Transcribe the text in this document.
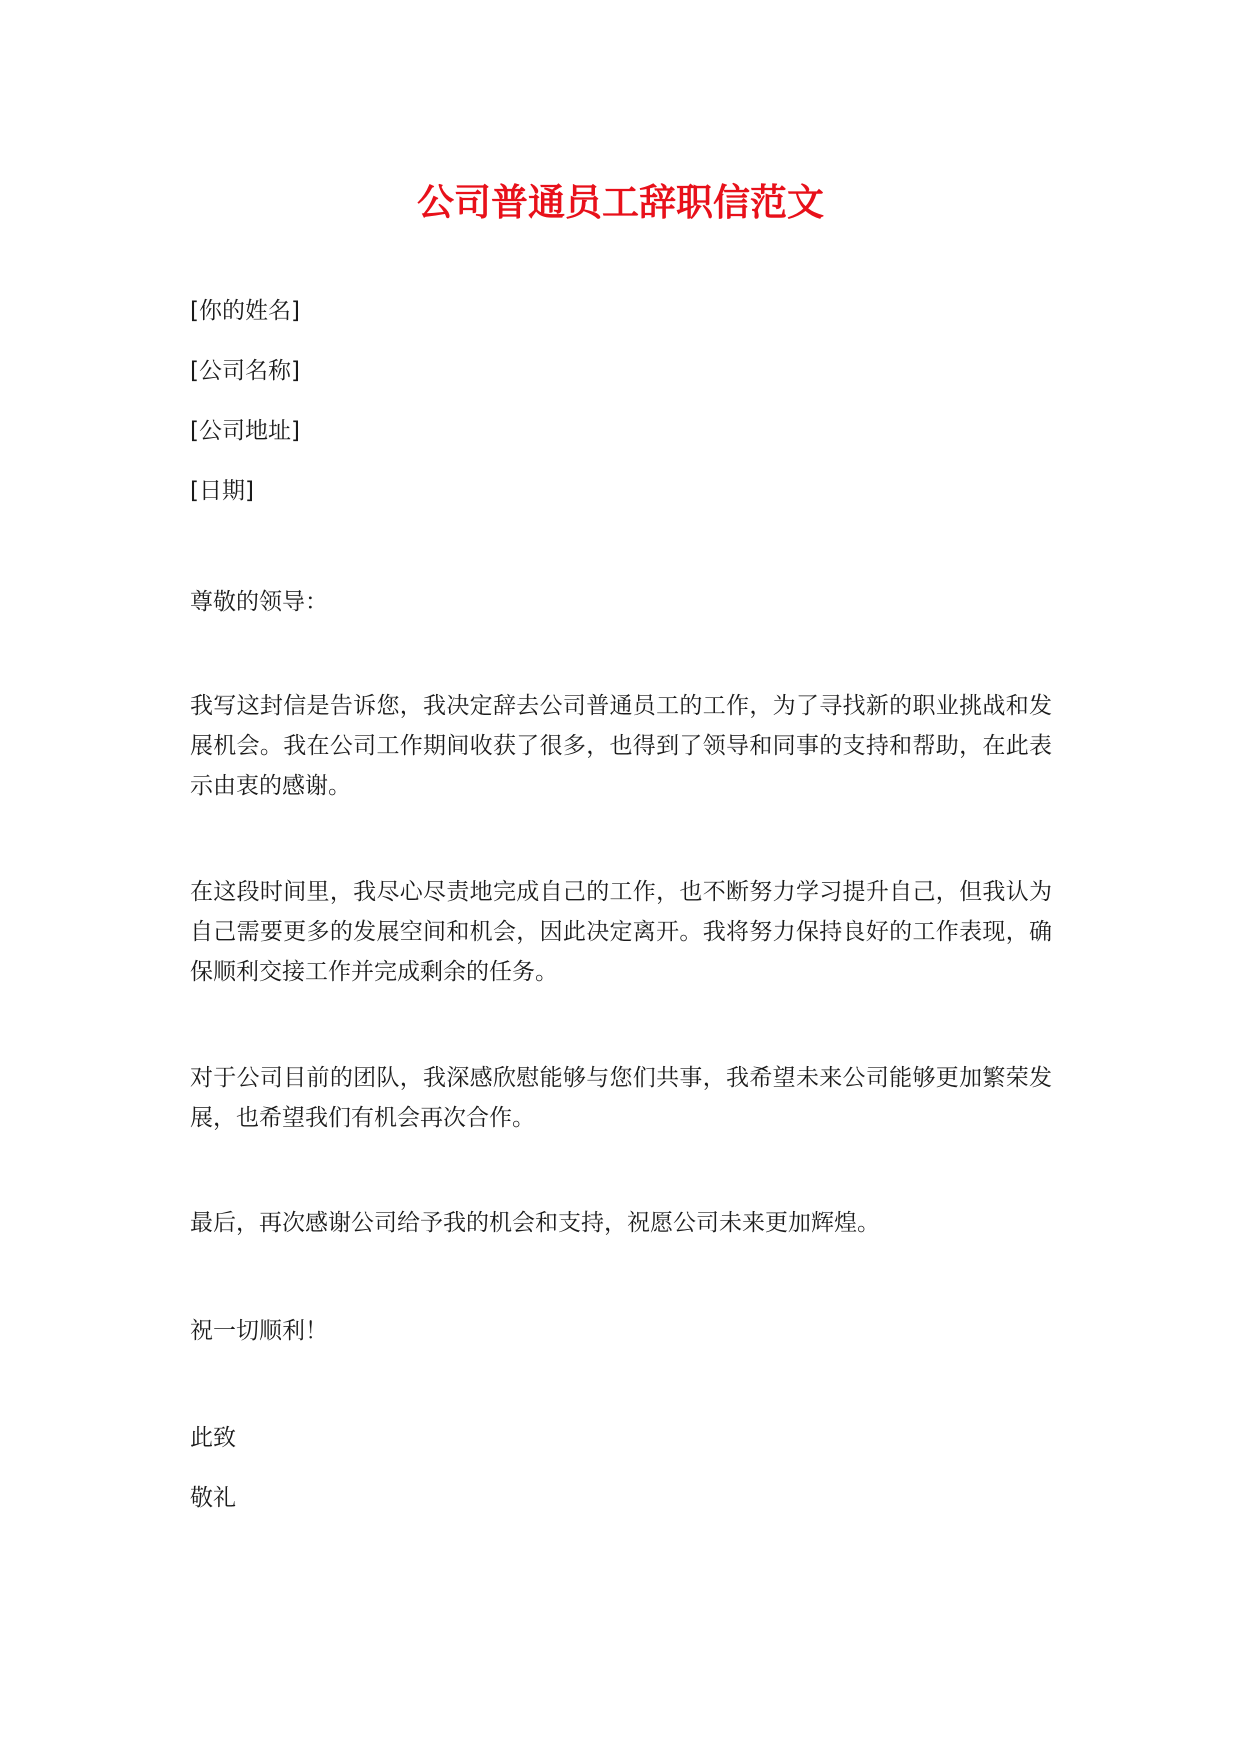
公司普通员工辞职信范文

[你的姓名]

[公司名称]

[公司地址]

[日期]

尊敬的领导：

我写这封信是告诉您，我决定辞去公司普通员工的工作，为了寻找新的职业挑战和发展机会。我在公司工作期间收获了很多，也得到了领导和同事的支持和帮助，在此表示由衷的感谢。

在这段时间里，我尽心尽责地完成自己的工作，也不断努力学习提升自己，但我认为自己需要更多的发展空间和机会，因此决定离开。我将努力保持良好的工作表现，确保顺利交接工作并完成剩余的任务。

对于公司目前的团队，我深感欣慰能够与您们共事，我希望未来公司能够更加繁荣发展，也希望我们有机会再次合作。

最后，再次感谢公司给予我的机会和支持，祝愿公司未来更加辉煌。

祝一切顺利！

此致

敬礼
